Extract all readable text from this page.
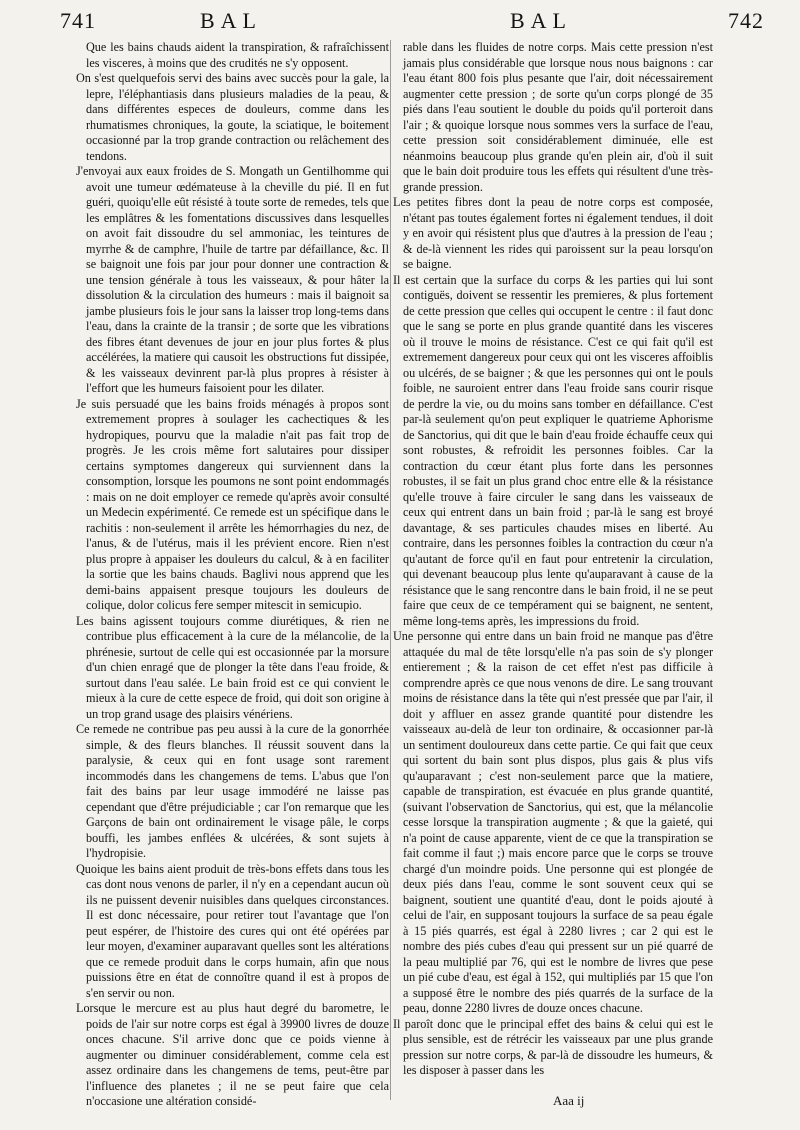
741	BAL	BAL	742

Que les bains chauds aident la transpiration, & rafraîchissent les visceres, à moins que des crudités ne s'y opposent.

On s'est quelquefois servi des bains avec succès pour la gale, la lepre, l'éléphantiasis dans plusieurs maladies de la peau, & dans différentes especes de douleurs, comme dans les rhumatismes chroniques, la goute, la sciatique, le boitement occasionné par la trop grande contraction ou relâchement des tendons.

J'envoyai aux eaux froides de S. Mongath un Gentilhomme qui avoit une tumeur œdémateuse à la cheville du pié. Il en fut guéri, quoiqu'elle eût résisté à toute sorte de remedes, tels que les emplâtres & les fomentations discussives dans lesquelles on avoit fait dissoudre du sel ammoniac, les teintures de myrrhe & de camphre, l'huile de tartre par défaillance, &c. Il se baignoit une fois par jour pour donner une contraction & une tension générale à tous les vaisseaux, & pour hâter la dissolution & la circulation des humeurs : mais il baignoit sa jambe plusieurs fois le jour sans la laisser trop long-tems dans l'eau, dans la crainte de la transir ; de sorte que les vibrations des fibres étant devenues de jour en jour plus fortes & plus accélérées, la matiere qui causoit les obstructions fut dissipée, & les vaisseaux devinrent par-là plus propres à résister à l'effort que les humeurs faisoient pour les dilater.

Je suis persuadé que les bains froids ménagés à propos sont extremement propres à soulager les cachectiques & les hydropiques, pourvu que la maladie n'ait pas fait trop de progrès. Je les crois même fort salutaires pour dissiper certains symptomes dangereux qui surviennent dans la consomption, lorsque les poumons ne sont point endommagés : mais on ne doit employer ce remede qu'après avoir consulté un Medecin expérimenté. Ce remede est un spécifique dans le rachitis : non-seulement il arrête les hémorrhagies du nez, de l'anus, & de l'utérus, mais il les prévient encore. Rien n'est plus propre à appaiser les douleurs du calcul, & à en faciliter la sortie que les bains chauds. Baglivi nous apprend que les demi-bains appaisent presque toujours les douleurs de colique, dolor colicus fere semper mitescit in semicupio.

Les bains agissent toujours comme diurétiques, & rien ne contribue plus efficacement à la cure de la mélancolie, de la phrénesie, surtout de celle qui est occasionnée par la morsure d'un chien enragé que de plonger la tête dans l'eau froide, & surtout dans l'eau salée. Le bain froid est ce qui convient le mieux à la cure de cette espece de froid, qui doit son origine à un trop grand usage des plaisirs vénériens.

Ce remede ne contribue pas peu aussi à la cure de la gonorrhée simple, & des fleurs blanches. Il réussit souvent dans la paralysie, & ceux qui en font usage sont rarement incommodés dans les changemens de tems. L'abus que l'on fait des bains par leur usage immodéré ne laisse pas cependant que d'être préjudiciable ; car l'on remarque que les Garçons de bain ont ordinairement le visage pâle, le corps bouffi, les jambes enflées & ulcérées, & sont sujets à l'hydropisie.

Quoique les bains aient produit de très-bons effets dans tous les cas dont nous venons de parler, il n'y en a cependant aucun où ils ne puissent devenir nuisibles dans quelques circonstances. Il est donc nécessaire, pour retirer tout l'avantage que l'on peut espérer, de l'histoire des cures qui ont été opérées par leur moyen, d'examiner auparavant quelles sont les altérations que ce remede produit dans le corps humain, afin que nous puissions être en état de connoître quand il est à propos de s'en servir ou non.

Lorsque le mercure est au plus haut degré du barometre, le poids de l'air sur notre corps est égal à 39900 livres de douze onces chacune. S'il arrive donc que ce poids vienne à augmenter ou diminuer considérablement, comme cela est assez ordinaire dans les changemens de tems, peut-être par l'influence des planetes ; il ne se peut faire que cela n'occasione une altération considé-

rable dans les fluides de notre corps. Mais cette pression n'est jamais plus considérable que lorsque nous nous baignons : car l'eau étant 800 fois plus pesante que l'air, doit nécessairement augmenter cette pression ; de sorte qu'un corps plongé de 35 piés dans l'eau soutient le double du poids qu'il porteroit dans l'air ; & quoique lorsque nous sommes vers la surface de l'eau, cette pression soit considérablement diminuée, elle est néanmoins beaucoup plus grande qu'en plein air, d'où il suit que le bain doit produire tous les effets qui résultent d'une très-grande pression.

Les petites fibres dont la peau de notre corps est composée, n'étant pas toutes également fortes ni également tendues, il doit y en avoir qui résistent plus que d'autres à la pression de l'eau ; & de-là viennent les rides qui paroissent sur la peau lorsqu'on se baigne.

Il est certain que la surface du corps & les parties qui lui sont contiguës, doivent se ressentir les premieres, & plus fortement de cette pression que celles qui occupent le centre : il faut donc que le sang se porte en plus grande quantité dans les visceres où il trouve le moins de résistance. C'est ce qui fait qu'il est extremement dangereux pour ceux qui ont les visceres affoiblis ou ulcérés, de se baigner ; & que les personnes qui ont le pouls foible, ne sauroient entrer dans l'eau froide sans courir risque de perdre la vie, ou du moins sans tomber en défaillance. C'est par-là seulement qu'on peut expliquer le quatrieme Aphorisme de Sanctorius, qui dit que le bain d'eau froide échauffe ceux qui sont robustes, & refroidit les personnes foibles. Car la contraction du cœur étant plus forte dans les personnes robustes, il se fait un plus grand choc entre elle & la résistance qu'elle trouve à faire circuler le sang dans les vaisseaux de ceux qui entrent dans un bain froid ; par-là le sang est broyé davantage, & ses particules chaudes mises en liberté. Au contraire, dans les personnes foibles la contraction du cœur n'a qu'autant de force qu'il en faut pour entretenir la circulation, qui devenant beaucoup plus lente qu'auparavant à cause de la résistance que le sang rencontre dans le bain froid, il ne se peut faire que ceux de ce tempérament qui se baignent, ne sentent, même long-tems après, les impressions du froid.

Une personne qui entre dans un bain froid ne manque pas d'être attaquée du mal de tête lorsqu'elle n'a pas soin de s'y plonger entierement ; & la raison de cet effet n'est pas difficile à comprendre après ce que nous venons de dire. Le sang trouvant moins de résistance dans la tête qui n'est pressée que par l'air, il doit y affluer en assez grande quantité pour distendre les vaisseaux au-delà de leur ton ordinaire, & occasionner par-là un sentiment douloureux dans cette partie. Ce qui fait que ceux qui sortent du bain sont plus dispos, plus gais & plus vifs qu'auparavant ; c'est non-seulement parce que la matiere, capable de transpiration, est évacuée en plus grande quantité, (suivant l'observation de Sanctorius, qui est, que la mélancolie cesse lorsque la transpiration augmente ; & que la gaieté, qui n'a point de cause apparente, vient de ce que la transpiration se fait comme il faut ;) mais encore parce que le corps se trouve chargé d'un moindre poids. Une personne qui est plongée de deux piés dans l'eau, comme le sont souvent ceux qui se baignent, soutient une quantité d'eau, dont le poids ajouté à celui de l'air, en supposant toujours la surface de sa peau égale à 15 piés quarrés, est égal à 2280 livres ; car 2 qui est le nombre des piés cubes d'eau qui pressent sur un pié quarré de la peau multiplié par 76, qui est le nombre de livres que pese un pié cube d'eau, est égal à 152, qui multipliés par 15 que l'on a supposé être le nombre des piés quarrés de la surface de la peau, donne 2280 livres de douze onces chacune.

Il paroît donc que le principal effet des bains & celui qui est le plus sensible, est de rétrécir les vaisseaux par une plus grande pression sur notre corps, & par-là de dissoudre les humeurs, & les disposer à passer dans les

Aaa ij
